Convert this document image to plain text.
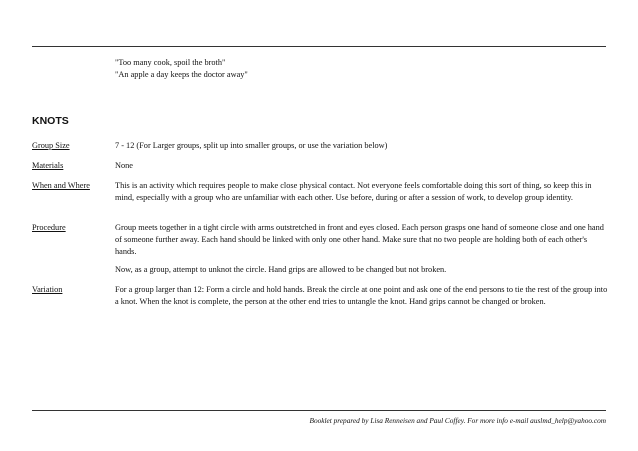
"Too many cook, spoil the broth"
"An apple a day keeps the doctor away"
KNOTS
Group Size	7 - 12 (For Larger groups, split up into smaller groups, or use the variation below)
Materials	None
When and Where	This is an activity which requires people to make close physical contact. Not everyone feels comfortable doing this sort of thing, so keep this in mind, especially with a group who are unfamiliar with each other. Use before, during or after a session of work, to develop group identity.
Procedure	Group meets together in a tight circle with arms outstretched in front and eyes closed. Each person grasps one hand of someone close and one hand of someone further away. Each hand should be linked with only one other hand. Make sure that no two people are holding both of each other's hands.
Now, as a group, attempt to unknot the circle. Hand grips are allowed to be changed but not broken.
Variation	For a group larger than 12: Form a circle and hold hands. Break the circle at one point and ask one of the end persons to tie the rest of the group into a knot. When the knot is complete, the person at the other end tries to untangle the knot. Hand grips cannot be changed or broken.
Booklet prepared by Lisa Renneisen and Paul Coffey. For more info e-mail auslmd_help@yahoo.com
